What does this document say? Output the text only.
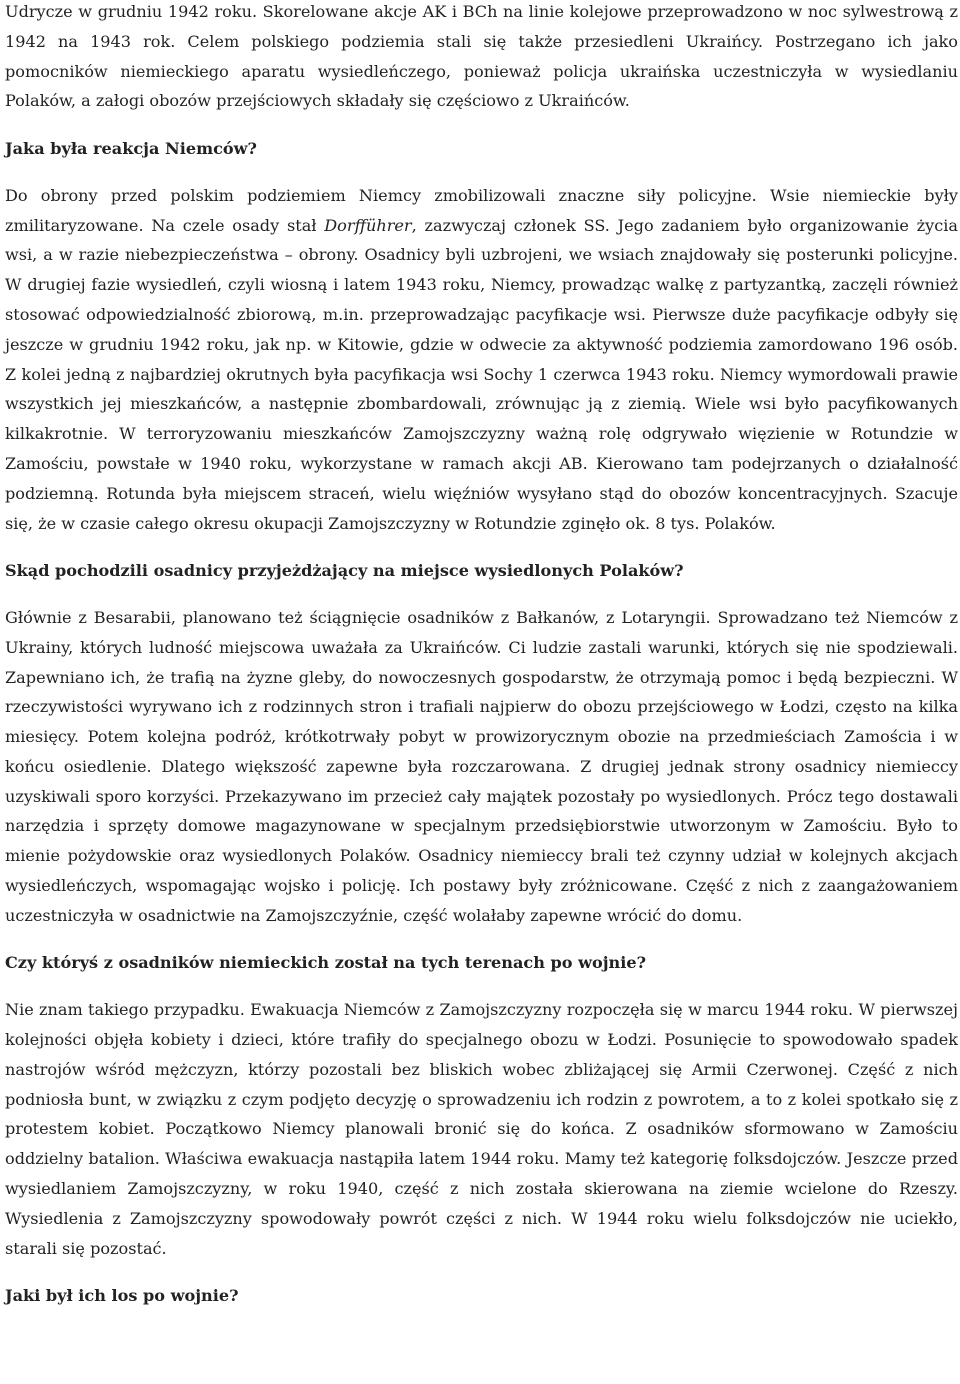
Udrycze w grudniu 1942 roku. Skorelowane akcje AK i BCh na linie kolejowe przeprowadzono w noc sylwestrową z 1942 na 1943 rok. Celem polskiego podziemia stali się także przesiedleni Ukraińcy. Postrzegano ich jako pomocników niemieckiego aparatu wysiedleńczego, ponieważ policja ukraińska uczestniczyła w wysiedlaniu Polaków, a załogi obozów przejściowych składały się częściowo z Ukraińców.

Jaka była reakcja Niemców?

Do obrony przed polskim podziemiem Niemcy zmobilizowali znaczne siły policyjne. Wsie niemieckie były zmilitaryzowane. Na czele osady stał Dorfführer, zazwyczaj członek SS. Jego zadaniem było organizowanie życia wsi, a w razie niebezpieczeństwa – obrony. Osadnicy byli uzbrojeni, we wsiach znajdowały się posterunki policyjne. W drugiej fazie wysiedleń, czyli wiosną i latem 1943 roku, Niemcy, prowadząc walkę z partyzantką, zaczęli również stosować odpowiedzialność zbiorową, m.in. przeprowadzając pacyfikacje wsi. Pierwsze duże pacyfikacje odbyły się jeszcze w grudniu 1942 roku, jak np. w Kitowie, gdzie w odwecie za aktywność podziemia zamordowano 196 osób. Z kolei jedną z najbardziej okrutnych była pacyfikacja wsi Sochy 1 czerwca 1943 roku. Niemcy wymordowali prawie wszystkich jej mieszkańców, a następnie zbombardowali, zrównując ją z ziemią. Wiele wsi było pacyfikowanych kilkakrotnie. W terroryzowaniu mieszkańców Zamojszczyzny ważną rolę odgrywało więzienie w Rotundzie w Zamościu, powstałe w 1940 roku, wykorzystane w ramach akcji AB. Kierowano tam podejrzanych o działalność podziemną. Rotunda była miejscem straceń, wielu więźniów wysyłano stąd do obozów koncentracyjnych. Szacuje się, że w czasie całego okresu okupacji Zamojszczyzny w Rotundzie zginęło ok. 8 tys. Polaków.

Skąd pochodzili osadnicy przyjeżdżający na miejsce wysiedlonych Polaków?

Głównie z Besarabii, planowano też ściągnięcie osadników z Bałkanów, z Lotaryngii. Sprowadzano też Niemców z Ukrainy, których ludność miejscowa uważała za Ukraińców. Ci ludzie zastali warunki, których się nie spodziewali. Zapewniano ich, że trafią na żyzne gleby, do nowoczesnych gospodarstw, że otrzymają pomoc i będą bezpieczni. W rzeczywistości wyrywano ich z rodzinnych stron i trafiali najpierw do obozu przejściowego w Łodzi, często na kilka miesięcy. Potem kolejna podróż, krótkotrwały pobyt w prowizorycznym obozie na przedmieściach Zamościa i w końcu osiedlenie. Dlatego większość zapewne była rozczarowana. Z drugiej jednak strony osadnicy niemieccy uzyskiwali sporo korzyści. Przekazywano im przecież cały majątek pozostały po wysiedlonych. Prócz tego dostawali narzędzia i sprzęty domowe magazynowane w specjalnym przedsiębiorstwie utworzonym w Zamościu. Było to mienie pożydowskie oraz wysiedlonych Polaków. Osadnicy niemieccy brali też czynny udział w kolejnych akcjach wysiedleńczych, wspomagając wojsko i policję. Ich postawy były zróżnicowane. Część z nich z zaangażowaniem uczestniczyła w osadnictwie na Zamojszczyźnie, część wolałaby zapewne wrócić do domu.

Czy któryś z osadników niemieckich został na tych terenach po wojnie?

Nie znam takiego przypadku. Ewakuacja Niemców z Zamojszczyzny rozpoczęła się w marcu 1944 roku. W pierwszej kolejności objęła kobiety i dzieci, które trafiły do specjalnego obozu w Łodzi. Posunięcie to spowodowało spadek nastrojów wśród mężczyzn, którzy pozostali bez bliskich wobec zbliżającej się Armii Czerwonej. Część z nich podniosła bunt, w związku z czym podjęto decyzję o sprowadzeniu ich rodzin z powrotem, a to z kolei spotkało się z protestem kobiet. Początkowo Niemcy planowali bronić się do końca. Z osadników sformowano w Zamościu oddzielny batalion. Właściwa ewakuacja nastąpiła latem 1944 roku. Mamy też kategorię folksdojczów. Jeszcze przed wysiedlaniem Zamojszczyzny, w roku 1940, część z nich została skierowana na ziemie wcielone do Rzeszy. Wysiedlenia z Zamojszczyzny spowodowały powrót części z nich. W 1944 roku wielu folksdojczów nie uciekło, starali się pozostać.

Jaki był ich los po wojnie?
